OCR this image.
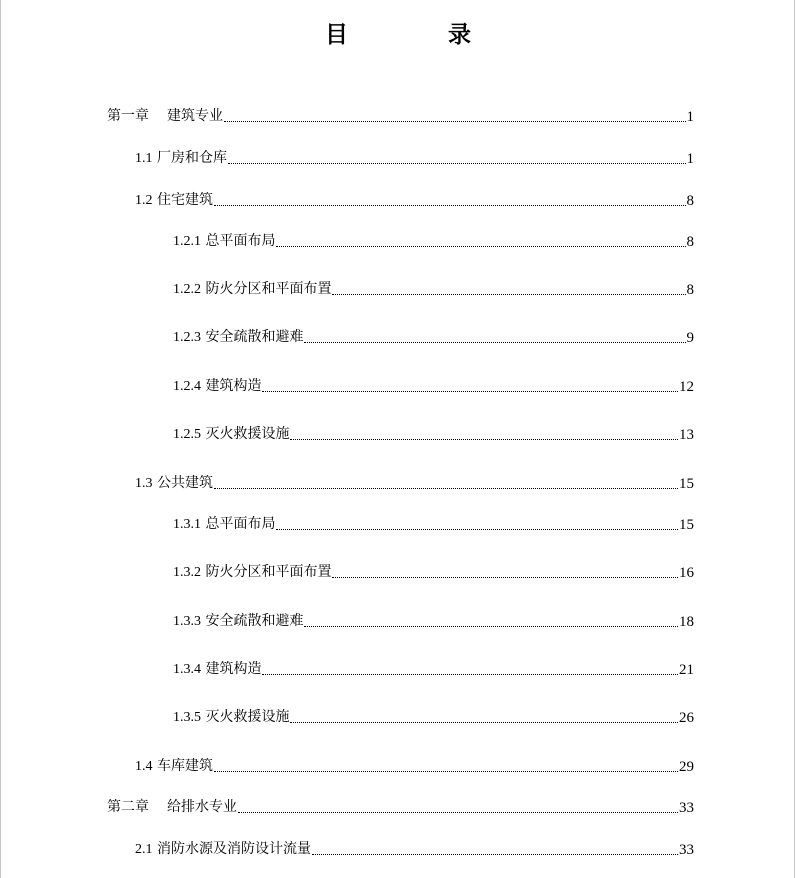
目 录
第一章 建筑专业	1
1.1 厂房和仓库	1
1.2 住宅建筑	8
1.2.1 总平面布局	8
1.2.2 防火分区和平面布置	8
1.2.3 安全疏散和避难	9
1.2.4 建筑构造	12
1.2.5 灭火救援设施	13
1.3 公共建筑	15
1.3.1 总平面布局	15
1.3.2 防火分区和平面布置	16
1.3.3 安全疏散和避难	18
1.3.4 建筑构造	21
1.3.5 灭火救援设施	26
1.4 车库建筑	29
第二章 给排水专业	33
2.1 消防水源及消防设计流量	33
